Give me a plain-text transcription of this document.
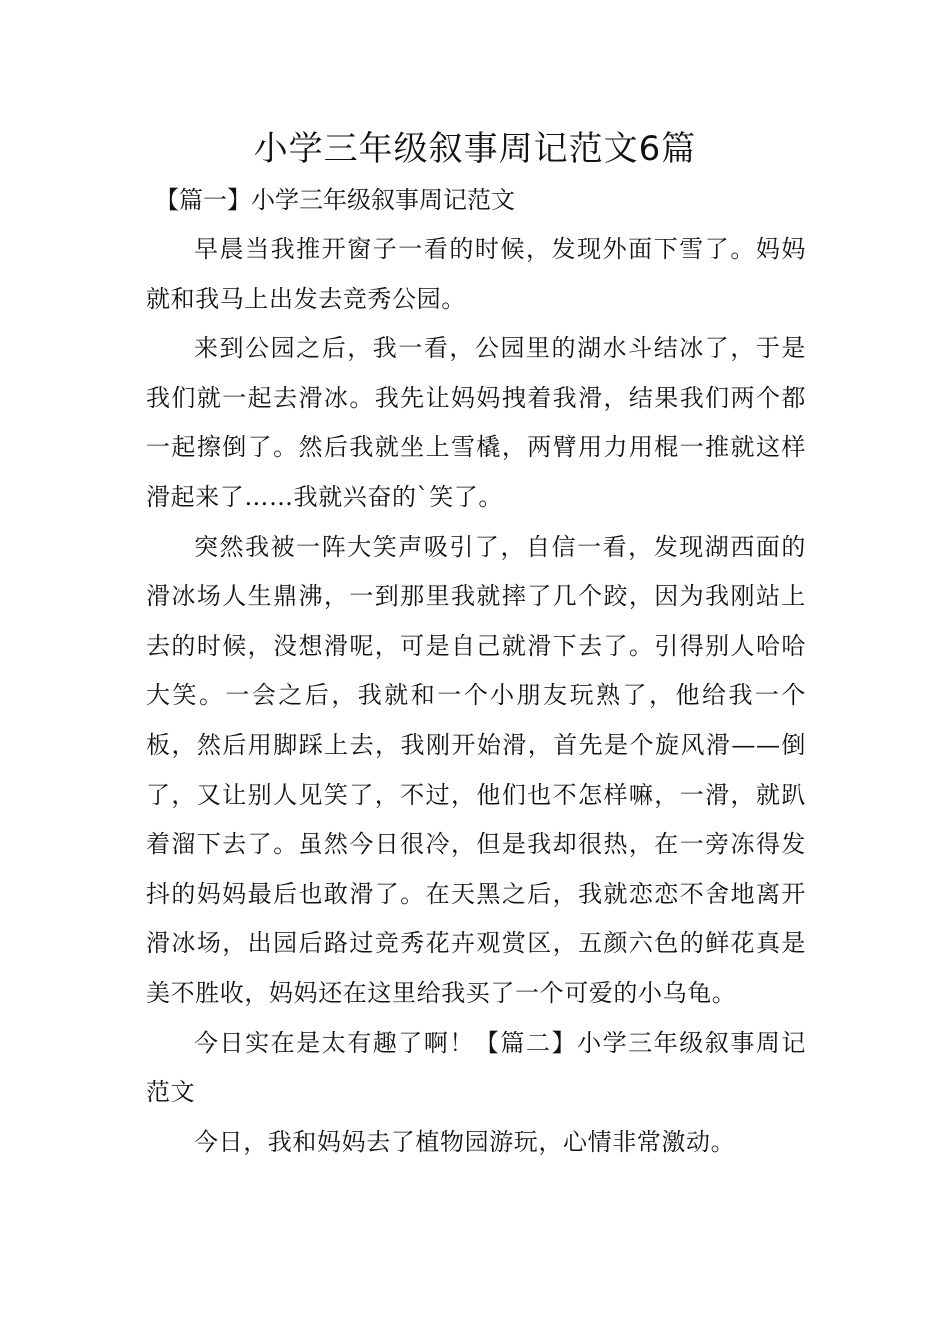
小学三年级叙事周记范文6篇
【篇一】小学三年级叙事周记范文

早晨当我推开窗子一看的时候，发现外面下雪了。妈妈就和我马上出发去竞秀公园。

来到公园之后，我一看，公园里的湖水斗结冰了，于是我们就一起去滑冰。我先让妈妈拽着我滑，结果我们两个都一起擦倒了。然后我就坐上雪橇，两臂用力用棍一推就这样滑起来了……我就兴奋的`笑了。

突然我被一阵大笑声吸引了，自信一看，发现湖西面的滑冰场人生鼎沸，一到那里我就摔了几个跤，因为我刚站上去的时候，没想滑呢，可是自己就滑下去了。引得别人哈哈大笑。一会之后，我就和一个小朋友玩熟了，他给我一个板，然后用脚踩上去，我刚开始滑，首先是个旋风滑——倒了，又让别人见笑了，不过，他们也不怎样嘛，一滑，就趴着溜下去了。虽然今日很冷，但是我却很热，在一旁冻得发抖的妈妈最后也敢滑了。在天黑之后，我就恋恋不舍地离开滑冰场，出园后路过竞秀花卉观赏区，五颜六色的鲜花真是美不胜收，妈妈还在这里给我买了一个可爱的小乌龟。

今日实在是太有趣了啊！【篇二】小学三年级叙事周记范文

今日，我和妈妈去了植物园游玩，心情非常激动。
